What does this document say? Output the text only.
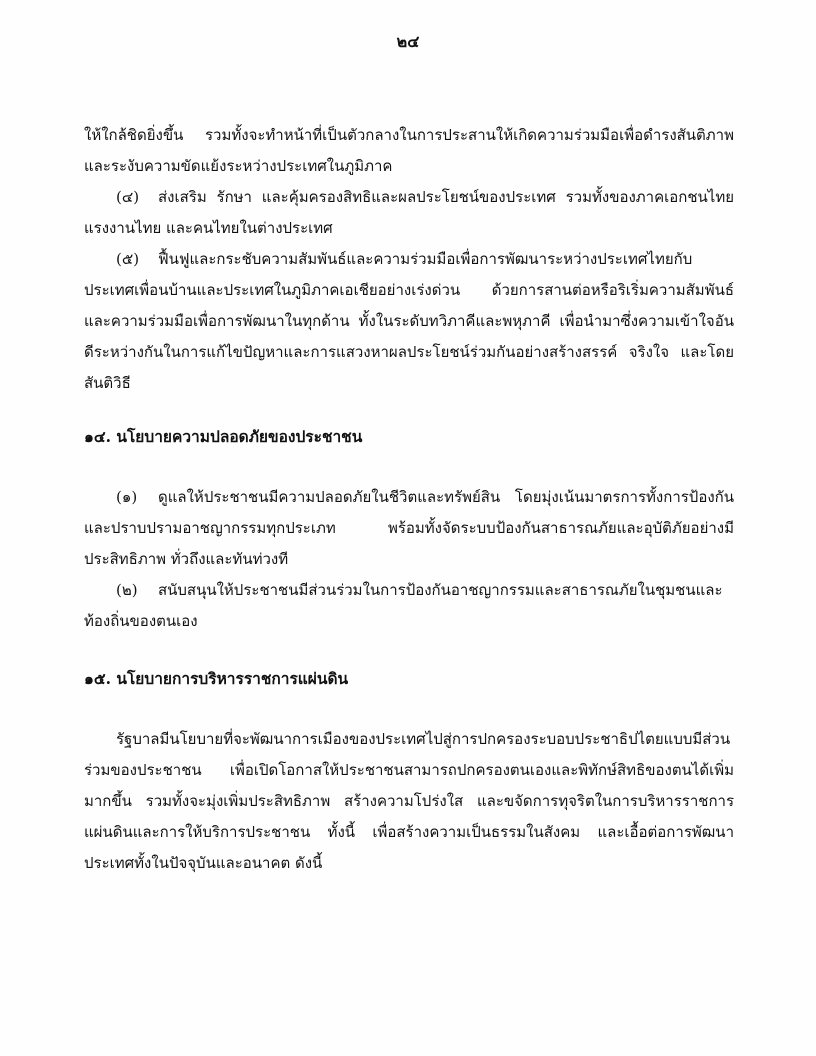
๒๔

ให้ใกล้ชิดยิ่งขึ้น รวมทั้งจะทำหน้าที่เป็นตัวกลางในการประสานให้เกิดความร่วมมือเพื่อดำรงสันติภาพ และระงับความขัดแย้งระหว่างประเทศในภูมิภาค

(๔) ส่งเสริม รักษา และคุ้มครองสิทธิและผลประโยชน์ของประเทศ รวมทั้งของภาคเอกชนไทย แรงงานไทย และคนไทยในต่างประเทศ

(๕) ฟื้นฟูและกระชับความสัมพันธ์และความร่วมมือเพื่อการพัฒนาระหว่างประเทศไทยกับประเทศเพื่อนบ้านและประเทศในภูมิภาคเอเชียอย่างเร่งด่วน ด้วยการสานต่อหรือริเริ่มความสัมพันธ์และความร่วมมือเพื่อการพัฒนาในทุกด้าน ทั้งในระดับทวิภาคีและพหุภาคี เพื่อนำมาซึ่งความเข้าใจอันดีระหว่างกันในการแก้ไขปัญหาและการแสวงหาผลประโยชน์ร่วมกันอย่างสร้างสรรค์ จริงใจ และโดยสันติวิธี

๑๔. นโยบายความปลอดภัยของประชาชน

(๑) ดูแลให้ประชาชนมีความปลอดภัยในชีวิตและทรัพย์สิน โดยมุ่งเน้นมาตรการทั้งการป้องกันและปราบปรามอาชญากรรมทุกประเภท พร้อมทั้งจัดระบบป้องกันสาธารณภัยและอุบัติภัยอย่างมีประสิทธิภาพ ทั่วถึงและทันท่วงที

(๒) สนับสนุนให้ประชาชนมีส่วนร่วมในการป้องกันอาชญากรรมและสาธารณภัยในชุมชนและท้องถิ่นของตนเอง

๑๕. นโยบายการบริหารราชการแผ่นดิน

รัฐบาลมีนโยบายที่จะพัฒนาการเมืองของประเทศไปสู่การปกครองระบอบประชาธิปไตยแบบมีส่วนร่วมของประชาชน เพื่อเปิดโอกาสให้ประชาชนสามารถปกครองตนเองและพิทักษ์สิทธิของตนได้เพิ่มมากขึ้น รวมทั้งจะมุ่งเพิ่มประสิทธิภาพ สร้างความโปร่งใส และขจัดการทุจริตในการบริหารราชการแผ่นดินและการให้บริการประชาชน ทั้งนี้ เพื่อสร้างความเป็นธรรมในสังคม และเอื้อต่อการพัฒนาประเทศทั้งในปัจจุบันและอนาคต ดังนี้
